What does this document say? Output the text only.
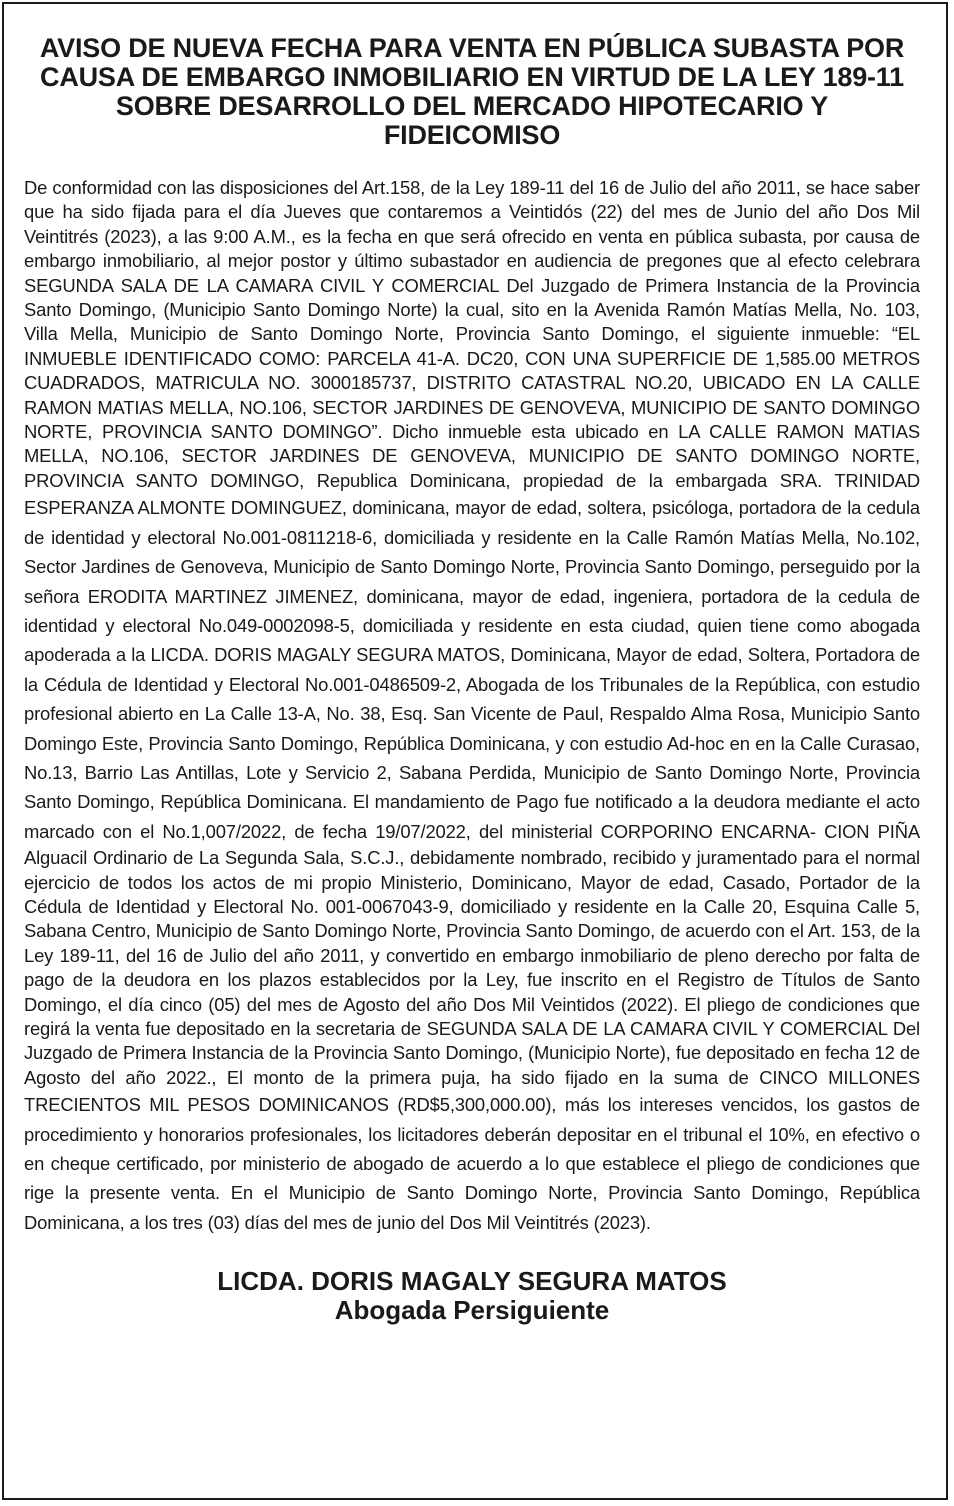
AVISO DE NUEVA FECHA PARA VENTA EN PÚBLICA SUBASTA POR CAUSA DE EMBARGO INMOBILIARIO EN VIRTUD DE LA LEY 189-11 SOBRE DESARROLLO DEL MERCADO HIPOTECARIO Y FIDEICOMISO

De conformidad con las disposiciones del Art.158, de la Ley 189-11 del 16 de Julio del año 2011, se hace saber que ha sido fijada para el día Jueves que contaremos a Veintidós (22) del mes de Junio del año Dos Mil Veintitrés (2023), a las 9:00 A.M., es la fecha en que será ofrecido en venta en pública subasta, por causa de embargo inmobiliario, al mejor postor y último subastador en audiencia de pregones que al efecto celebrara SEGUNDA SALA DE LA CAMARA CIVIL Y COMERCIAL Del Juzgado de Primera Instancia de la Provincia Santo Domingo, (Municipio Santo Domingo Norte) la cual, sito en la Avenida Ramón Matías Mella, No. 103, Villa Mella, Municipio de Santo Domingo Norte, Provincia Santo Domingo, el siguiente inmueble: “EL INMUEBLE IDENTIFICADO COMO: PARCELA 41-A. DC20, CON UNA SUPERFICIE DE 1,585.00 METROS CUADRADOS, MATRICULA NO. 3000185737, DISTRITO CATASTRAL NO.20, UBICADO EN LA CALLE RAMON MATIAS MELLA, NO.106, SECTOR JARDINES DE GENOVEVA, MUNICIPIO DE SANTO DOMINGO NORTE, PROVINCIA SANTO DOMINGO”. Dicho inmueble esta ubicado en LA CALLE RAMON MATIAS MELLA, NO.106, SECTOR JARDINES DE GENOVEVA, MUNICIPIO DE SANTO DOMINGO NORTE, PROVINCIA SANTO DOMINGO, Republica Dominicana, propiedad de la embargada SRA. TRINIDAD ESPERANZA ALMONTE DOMINGUEZ, dominicana, mayor de edad, soltera, psicóloga, portadora de la cedula de identidad y electoral No.001-0811218-6, domiciliada y residente en la Calle Ramón Matías Mella, No.102, Sector Jardines de Genoveva, Municipio de Santo Domingo Norte, Provincia Santo Domingo, perseguido por la señora ERODITA MARTINEZ JIMENEZ, dominicana, mayor de edad, ingeniera, portadora de la cedula de identidad y electoral No.049-0002098-5, domiciliada y residente en esta ciudad, quien tiene como abogada apoderada a la LICDA. DORIS MAGALY SEGURA MATOS, Dominicana, Mayor de edad, Soltera, Portadora de la Cédula de Identidad y Electoral No.001-0486509-2, Abogada de los Tribunales de la República, con estudio profesional abierto en La Calle 13-A, No. 38, Esq. San Vicente de Paul, Respaldo Alma Rosa, Municipio Santo Domingo Este, Provincia Santo Domingo, República Dominicana, y con estudio Ad-hoc en en la Calle Curasao, No.13, Barrio Las Antillas, Lote y Servicio 2, Sabana Perdida, Municipio de Santo Domingo Norte, Provincia Santo Domingo, República Dominicana. El mandamiento de Pago fue notificado a la deudora mediante el acto marcado con el No.1,007/2022, de fecha 19/07/2022, del ministerial CORPORINO ENCARNA- CION PIÑA Alguacil Ordinario de La Segunda Sala, S.C.J., debidamente nombrado, recibido y juramentado para el normal ejercicio de todos los actos de mi propio Ministerio, Dominicano, Mayor de edad, Casado, Portador de la Cédula de Identidad y Electoral No. 001-0067043-9, domiciliado y residente en la Calle 20, Esquina Calle 5, Sabana Centro, Municipio de Santo Domingo Norte, Provincia Santo Domingo, de acuerdo con el Art. 153, de la Ley 189-11, del 16 de Julio del año 2011, y convertido en embargo inmobiliario de pleno derecho por falta de pago de la deudora en los plazos establecidos por la Ley, fue inscrito en el Registro de Títulos de Santo Domingo, el día cinco (05) del mes de Agosto del año Dos Mil Veintidos (2022). El pliego de condiciones que regirá la venta fue depositado en la secretaria de SEGUNDA SALA DE LA CAMARA CIVIL Y COMERCIAL Del Juzgado de Primera Instancia de la Provincia Santo Domingo, (Municipio Norte), fue depositado en fecha 12 de Agosto del año 2022., El monto de la primera puja, ha sido fijado en la suma de CINCO MILLONES TRECIENTOS MIL PESOS DOMINICANOS (RD$5,300,000.00), más los intereses vencidos, los gastos de procedimiento y honorarios profesionales, los licitadores deberán depositar en el tribunal el 10%, en efectivo o en cheque certificado, por ministerio de abogado de acuerdo a lo que establece el pliego de condiciones que rige la presente venta. En el Municipio de Santo Domingo Norte, Provincia Santo Domingo, República Dominicana, a los tres (03) días del mes de junio del Dos Mil Veintitrés (2023).

LICDA. DORIS MAGALY SEGURA MATOS
Abogada Persiguiente
